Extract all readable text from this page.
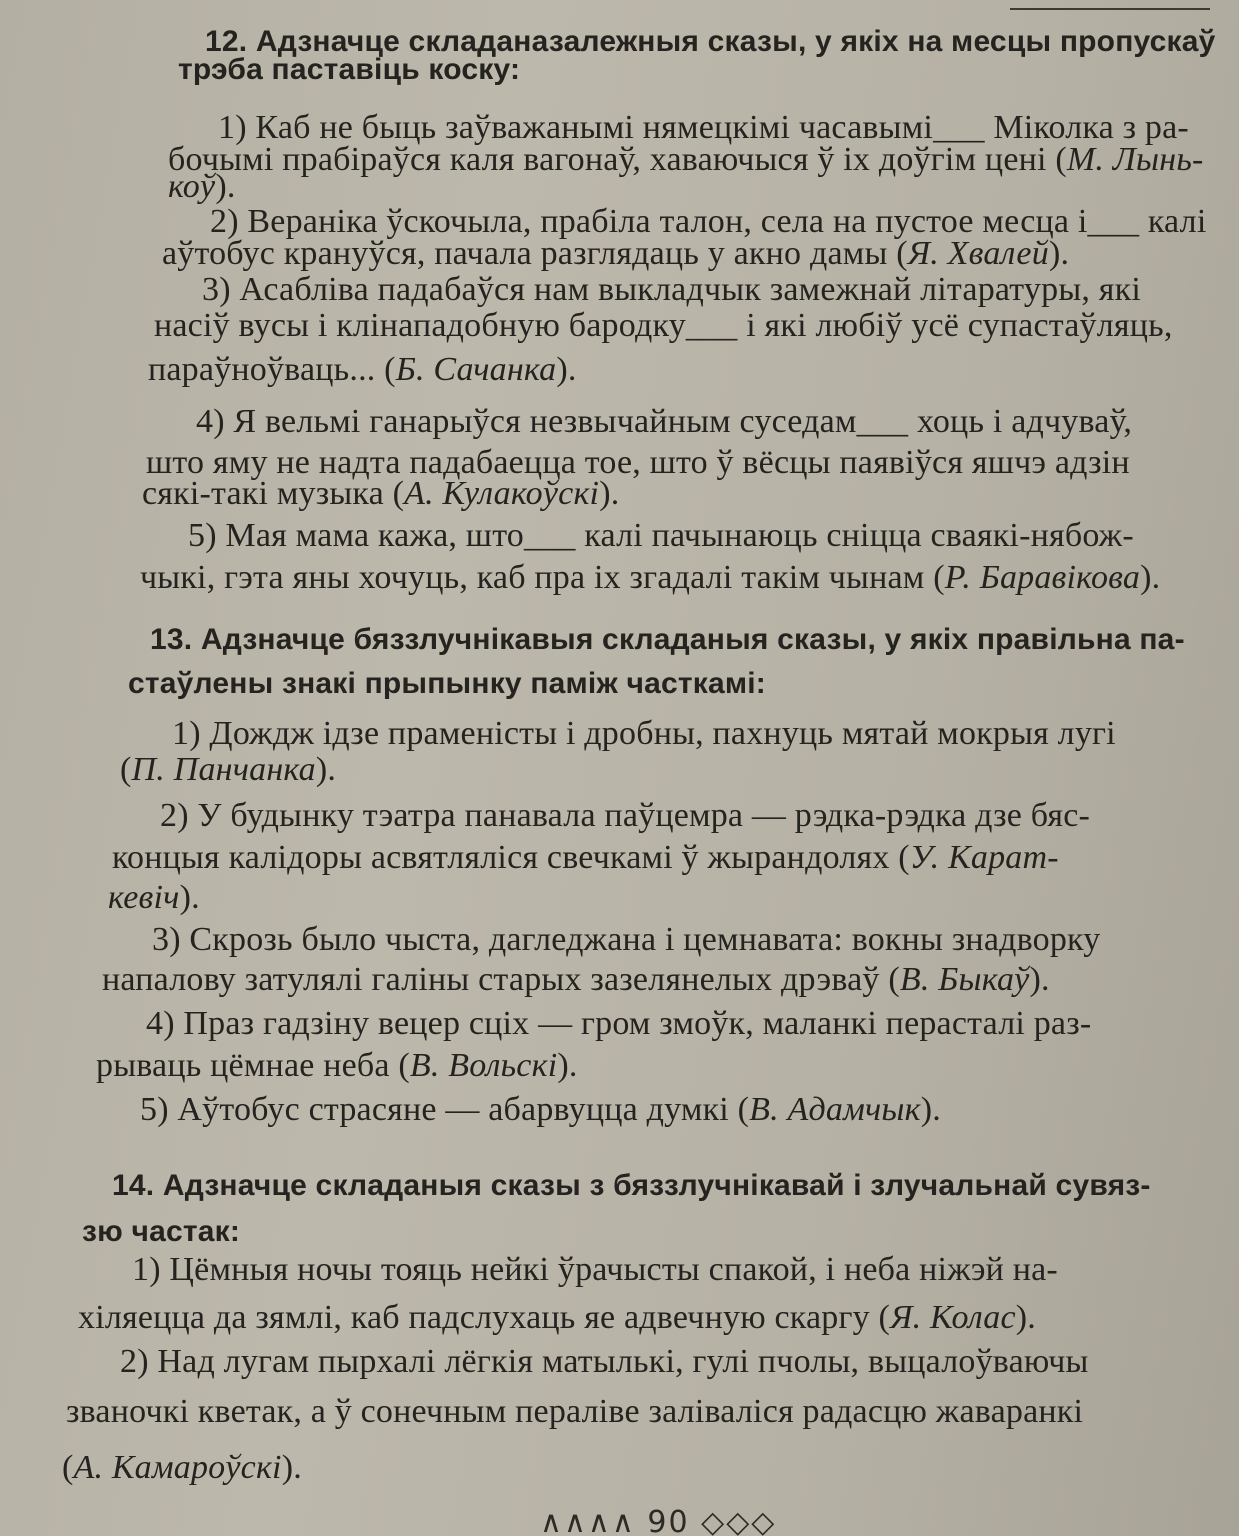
12. Адзначце складаназалежныя сказы, у якіх на месцы пропускаў
трэба паставіць коску:
1) Каб не быць заўважанымі нямецкімі часавымі___ Міколка з ра-
бочымі прабіраўся каля вагонаў, хаваючыся ў іх доўгім цені (М. Лынь-
коў).
2) Вераніка ўскочыла, прабіла талон, села на пустое месца і___ калі
аўтобус крануўся, пачала разглядаць у акно дамы (Я. Хвалей).
3) Асабліва падабаўся нам выкладчык замежнай літаратуры, які
насіў вусы і клінападобную бародку___ і які любіў усё супастаўляць,
параўноўваць... (Б. Сачанка).
4) Я вельмі ганарыўся незвычайным суседам___ хоць і адчуваў,
што яму не надта падабаецца тое, што ў вёсцы паявіўся яшчэ адзін
сякі-такі музыка (А. Кулакоўскі).
5) Мая мама кажа, што___ калі пачынаюць сніцца сваякі-нябож-
чыкі, гэта яны хочуць, каб пра іх згадалі такім чынам (Р. Баравікова).
13. Адзначце бяззлучнікавыя складаныя сказы, у якіх правільна па-
стаўлены знакі прыпынку паміж часткамі:
1) Дождж ідзе праменісты і дробны, пахнуць мятай мокрыя лугі
(П. Панчанка).
2) У будынку тэатра панавала паўцемра — рэдка-рэдка дзе бяс-
концыя калідоры асвятляліся свечкамі ў жырандолях (У. Карат-
кевіч).
3) Скрозь было чыста, дагледжана і цемнавата: вокны знадворку
напалову затулялі галіны старых зазелянелых дрэваў (В. Быкаў).
4) Праз гадзіну вецер сціх — гром змоўк, маланкі перасталі раз-
рываць цёмнае неба (В. Вольскі).
5) Аўтобус страсяне — абарвуцца думкі (В. Адамчык).
14. Адзначце складаныя сказы з бяззлучнікавай і злучальнай сувяз-
зю частак:
1) Цёмныя ночы тояць нейкі ўрачысты спакой, і неба ніжэй на-
хіляецца да зямлі, каб падслухаць яе адвечную скаргу (Я. Колас).
2) Над лугам пырхалі лёгкія матылькі, гулі пчолы, выцалоўваючы
званочкі кветак, а ў сонечным пераліве заліваліся радасцю жаваранкі
(А. Камароўскі).
∧∧∧∧ 90 ◇◇◇
